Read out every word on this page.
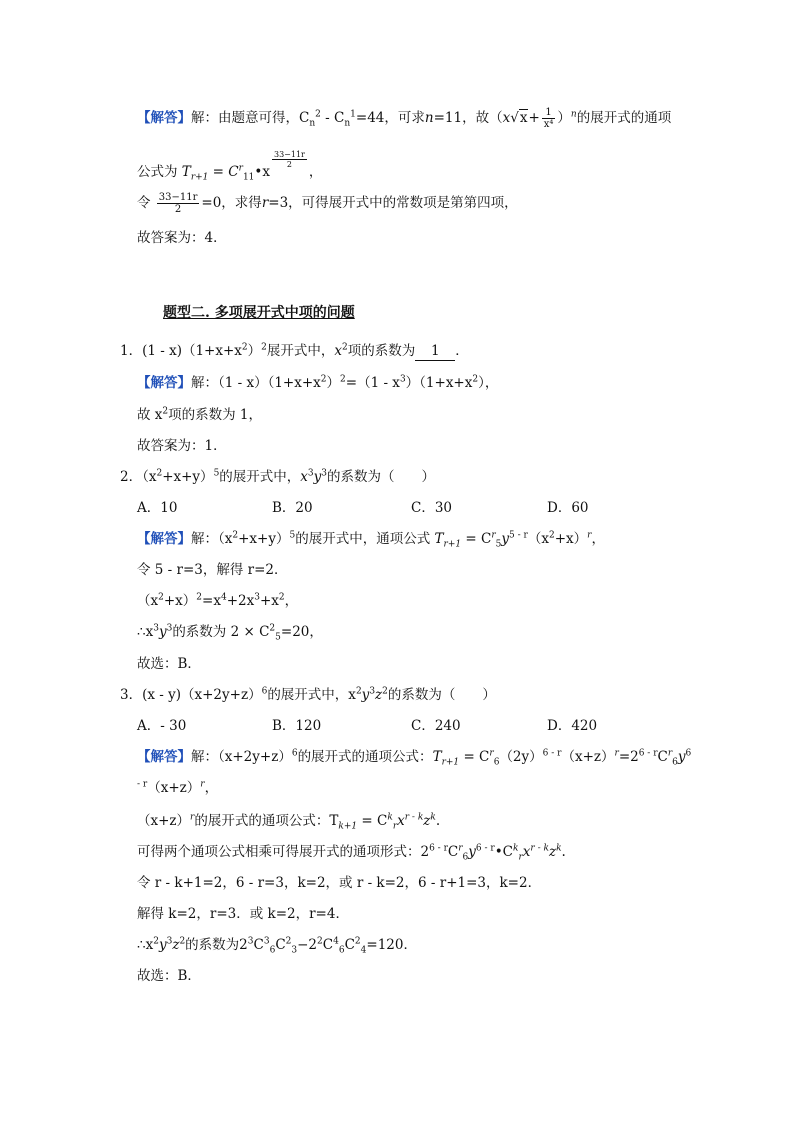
【解答】解：由题意可得，$C_n^2 - C_n^1=44$，可求n=11，故$(x√x+ \frac{1}{\text{x⁴}} )^n$的展开式的通项
公式为 $T_{r+1}$ = $C^r_{11}•x$
$\frac{33-11r}{2}$
，
令 $\frac{33-11r}{2} =0$，求得r=3，可得展开式中的常数项是第第四项，
故答案为：4．
题型二. 多项展开式中项的问题
1．$(1 - x)(1+x+x^2)^2$展开式中，$x^2$项的系数为 1 ．
【解答】解：$(1 - x)(1+x+x^2)^2=(1 - x^3)(1+x+x^2)$，
故 $x^2$项的系数为 1，
故答案为：1．
2．$(x^2+x+y)^5$的展开式中，$x^3y^3$的系数为（　　）
A．10	B．20	C．30	D．60
【解答】解：$(x^2+x+y)^5$的展开式中，通项公式 $T_{r+1} = C^r_5y^{5 - r}(x^2+x)^r$，
令 5 - r=3，解得 r=2．
$(x^2+x)^2=x^4+2x^3+x^2$，
$\therefore x^3y^3$的系数为 $2 \times C^2_5=20$，
故选：B．
3．$(x - y)(x+2y+z)^6$的展开式中，$x^2y^3z^2$的系数为（　　）
A．- 30	B．120	C．240	D．420
【解答】解：$(x+2y+z)^6$的展开式的通项公式：$T_{r+1} = C^r_6(2y)^{6 - r}(x+z)^r=2^{6 - r}C^r_6y^6$
$^{- r}(x+z)^r$，
$(x+z)^r$的展开式的通项公式：$T_{k+1} = C^k_rx^{r - k}z^k$.
可得两个通项公式相乘可得展开式的通项形式：$2^{6 - r}C^r_6y^{6 - r}•C^k_rx^{r - k}z^k$.
令 r - k+1=2，6 - r=3，k=2，或 r - k=2，6 - r+1=3，k=2．
解得 k=2，r=3．或 k=2，r=4．
$\therefore x^2y^3z^2$的系数为$2^3C^3_6C^2_3-2^2C^4_6C^2_4=120$．
故选：B．
